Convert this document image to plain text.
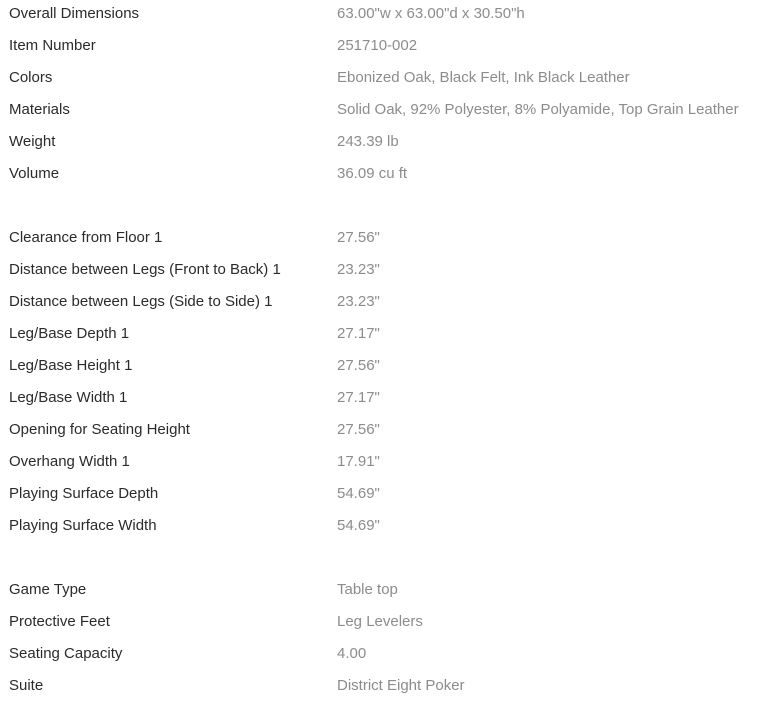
Overall Dimensions	63.00"w x 63.00"d x 30.50"h
Item Number	251710-002
Colors	Ebonized Oak, Black Felt, Ink Black Leather
Materials	Solid Oak, 92% Polyester, 8% Polyamide, Top Grain Leather
Weight	243.39 lb
Volume	36.09 cu ft
Clearance from Floor 1	27.56"
Distance between Legs (Front to Back) 1	23.23"
Distance between Legs (Side to Side) 1	23.23"
Leg/Base Depth 1	27.17"
Leg/Base Height 1	27.56"
Leg/Base Width 1	27.17"
Opening for Seating Height	27.56"
Overhang Width 1	17.91"
Playing Surface Depth	54.69"
Playing Surface Width	54.69"
Game Type	Table top
Protective Feet	Leg Levelers
Seating Capacity	4.00
Suite	District Eight Poker
